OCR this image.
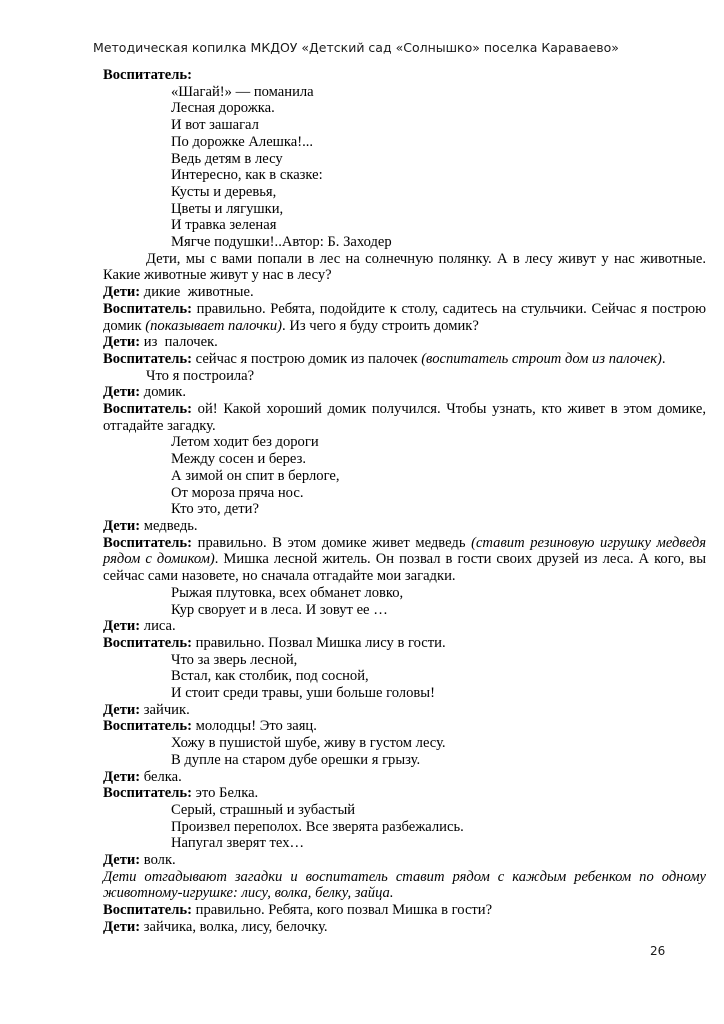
Методическая копилка МКДОУ «Детский сад «Солнышко» поселка Караваево»

Воспитатель:

«Шагай!» — поманила
Лесная дорожка.
И вот зашагал
По дорожке Алешка!...
Ведь детям в лесу
Интересно, как в сказке:
Кусты и деревья,
Цветы и лягушки,
И травка зеленая
Мягче подушки!..Автор: Б. Заходер

Дети, мы с вами попали в лес на солнечную полянку. А в лесу живут у нас животные. Какие животные живут у нас в лесу?

Дети: дикие  животные.

Воспитатель: правильно. Ребята, подойдите к столу, садитесь на стульчики. Сейчас я построю домик (показывает палочки). Из чего я буду строить домик?

Дети: из  палочек.

Воспитатель: сейчас я построю домик из палочек (воспитатель строит дом из палочек).

Что я построила?

Дети: домик.

Воспитатель: ой! Какой хороший домик получился. Чтобы узнать, кто живет в этом домике, отгадайте загадку.

Летом ходит без дороги
Между сосен и берез.
А зимой он спит в берлоге,
От мороза пряча нос.
Кто это, дети?

Дети: медведь.

Воспитатель: правильно. В этом домике живет медведь (ставит резиновую игрушку медведя рядом с домиком). Мишка лесной житель. Он позвал в гости своих друзей из леса. А кого, вы сейчас сами назовете, но сначала отгадайте мои загадки.

Рыжая плутовка, всех обманет ловко,
Кур сворует и в леса. И зовут ее …

Дети: лиса.

Воспитатель: правильно. Позвал Мишка лису в гости.

Что за зверь лесной,
Встал, как столбик, под сосной,
И стоит среди травы, уши больше головы!

Дети: зайчик.

Воспитатель: молодцы! Это заяц.

Хожу в пушистой шубе, живу в густом лесу.
В дупле на старом дубе орешки я грызу.

Дети: белка.

Воспитатель: это Белка.

Серый, страшный и зубастый
Произвел переполох. Все зверята разбежались.
Напугал зверят тех…

Дети: волк.

Дети отгадывают загадки и воспитатель ставит рядом с каждым ребенком по одному животному-игрушке: лису, волка, белку, зайца.

Воспитатель: правильно. Ребята, кого позвал Мишка в гости?

Дети: зайчика, волка, лису, белочку.

26
